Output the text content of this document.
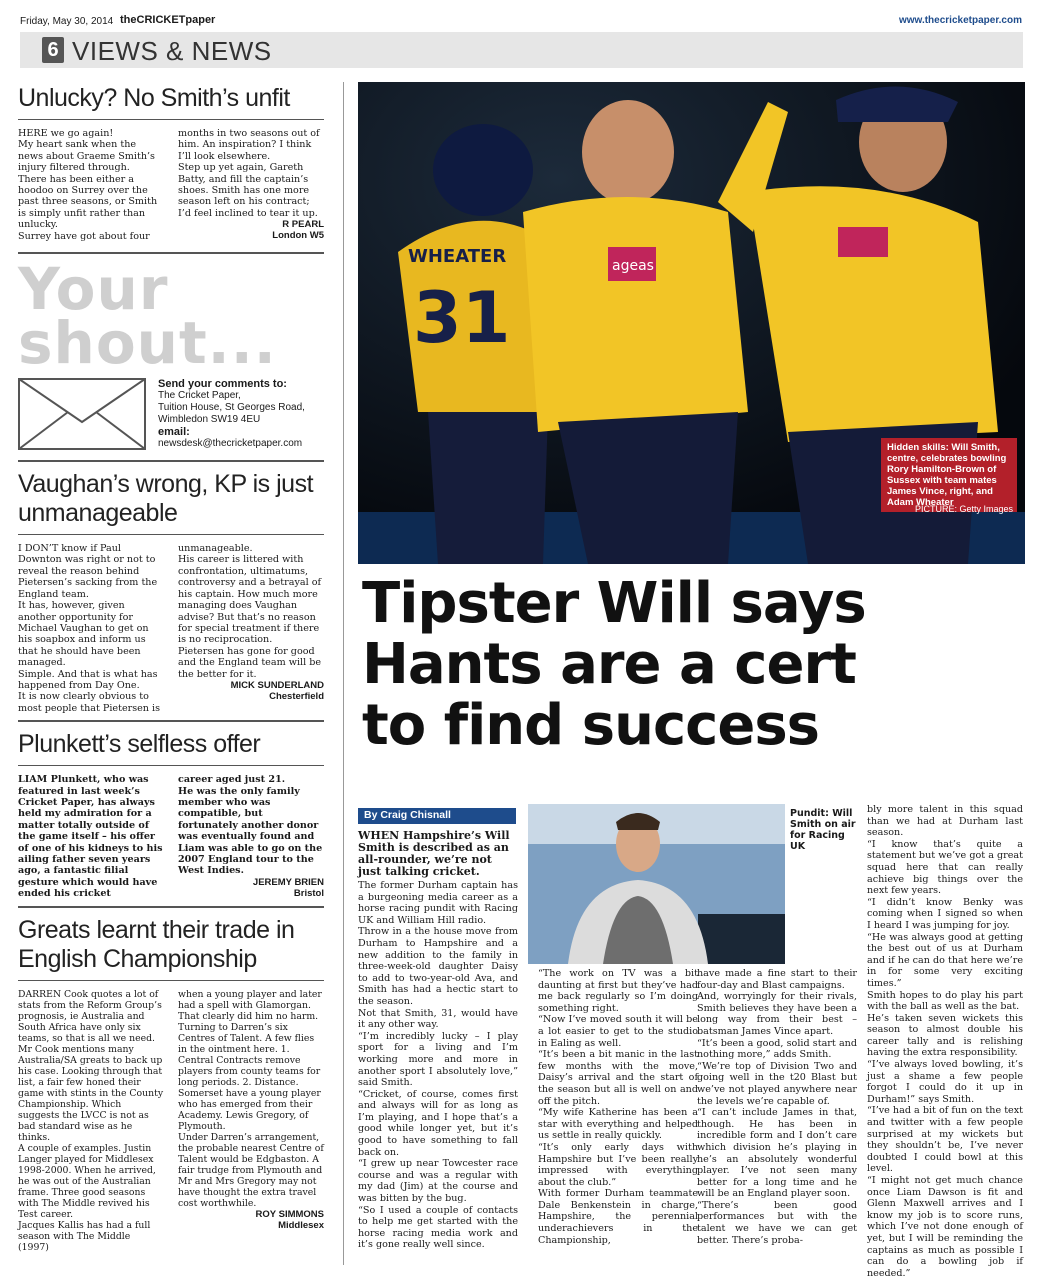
Friday, May 30, 2014 theCRICKETpaper	www.thecricketpaper.com
6 VIEWS & NEWS
Unlucky? No Smith’s unfit
HERE we go again!
My heart sank when the news about Graeme Smith’s injury filtered through.
There has been either a hoodoo on Surrey over the past three seasons, or Smith is simply unfit rather than unlucky.
Surrey have got about four
months in two seasons out of him. An inspiration? I think I’ll look elsewhere.
Step up yet again, Gareth Batty, and fill the captain’s shoes. Smith has one more season left on his contract; I’d feel inclined to tear it up.
R PEARL
London W5
Your
shout...
Send your comments to:
The Cricket Paper,
Tuition House, St Georges Road,
Wimbledon SW19 4EU
email:
newsdesk@thecricketpaper.com
Vaughan’s wrong, KP is just unmanageable
I DON’T know if Paul Downton was right or not to reveal the reason behind Pietersen’s sacking from the England team.
It has, however, given another opportunity for Michael Vaughan to get on his soapbox and inform us that he should have been managed.
Simple. And that is what has happened from Day One.
It is now clearly obvious to most people that Pietersen is
unmanageable.
His career is littered with confrontation, ultimatums, controversy and a betrayal of his captain. How much more managing does Vaughan advise? But that’s no reason for special treatment if there is no reciprocation.
Pietersen has gone for good and the England team will be the better for it.
MICK SUNDERLAND
Chesterfield
Plunkett’s selfless offer
LIAM Plunkett, who was featured in last week’s Cricket Paper, has always held my admiration for a matter totally outside of the game itself – his offer of one of his kidneys to his ailing father seven years ago, a fantastic filial gesture which would have ended his cricket
career aged just 21.
He was the only family member who was compatible, but fortunately another donor was eventually found and Liam was able to go on the 2007 England tour to the West Indies.
JEREMY BRIEN
Bristol
Greats learnt their trade in English Championship
DARREN Cook quotes a lot of stats from the Reform Group’s prognosis, ie Australia and South Africa have only six teams, so that is all we need.
Mr Cook mentions many Australia/SA greats to back up his case. Looking through that list, a fair few honed their game with stints in the County Championship. Which suggests the LVCC is not as bad standard wise as he thinks.
A couple of examples. Justin Langer played for Middlesex 1998-2000. When he arrived, he was out of the Australian frame. Three good seasons with The Middle revived his Test career.
Jacques Kallis has had a full season with The Middle (1997)
when a young player and later had a spell with Glamorgan. That clearly did him no harm.
Turning to Darren’s six Centres of Talent. A few flies in the ointment here. 1. Central Contracts remove players from county teams for long periods. 2. Distance. Somerset have a young player who has emerged from their Academy. Lewis Gregory, of Plymouth.
Under Darren’s arrangement, the probable nearest Centre of Talent would be Edgbaston. A fair trudge from Plymouth and Mr and Mrs Gregory may not have thought the extra travel cost worthwhile.
ROY SIMMONS
Middlesex
WHEATER
31
ageas
Hidden skills: Will Smith, centre, celebrates bowling Rory Hamilton-Brown of Sussex with team mates James Vince, right, and Adam Wheater
PICTURE: Getty Images
Tipster Will says
Hants are a cert
to find success
By Craig Chisnall
WHEN Hampshire’s Will Smith is described as an all-rounder, we’re not just talking cricket.
The former Durham captain has a burgeoning media career as a horse racing pundit with Racing UK and William Hill radio.
Throw in a the house move from Durham to Hampshire and a new addition to the family in three-week-old daughter Daisy to add to two-year-old Ava, and Smith has had a hectic start to the season.
Not that Smith, 31, would have it any other way.
“I’m incredibly lucky – I play sport for a living and I’m working more and more in another sport I absolutely love,” said Smith.
“Cricket, of course, comes first and always will for as long as I’m playing, and I hope that’s a good while longer yet, but it’s good to have something to fall back on.
“I grew up near Towcester race course and was a regular with my dad (Jim) at the course and was bitten by the bug.
“So I used a couple of contacts to help me get started with the horse racing media work and it’s gone really well since.
Pundit: Will Smith on air for Racing UK
“The work on TV was a bit daunting at first but they’ve had me back regularly so I’m doing something right.
“Now I’ve moved south it will be a lot easier to get to the studio in Ealing as well.
“It’s been a bit manic in the last few months with the move, Daisy’s arrival and the start of the season but all is well on and off the pitch.
“My wife Katherine has been a star with everything and helped us settle in really quickly.
“It’s only early days with Hampshire but I’ve been really impressed with everything about the club.”
With former Durham teammate Dale Benkenstein in charge, Hampshire, the perennial underachievers in the Championship,
have made a fine start to their four-day and Blast campaigns.
And, worryingly for their rivals, Smith believes they have been a long way from their best – batsman James Vince apart.
“It’s been a good, solid start and nothing more,” adds Smith.
“We’re top of Division Two and going well in the t20 Blast but we’ve not played anywhere near the levels we’re capable of.
“I can’t include James in that, though. He has been in incredible form and I don’t care which division he’s playing in he’s an absolutely wonderful player. I’ve not seen many better for a long time and he will be an England player soon.
“There’s been good performances but with the talent we have we can get better. There’s proba-
bly more talent in this squad than we had at Durham last season.
“I know that’s quite a statement but we’ve got a great squad here that can really achieve big things over the next few years.
“I didn’t know Benky was coming when I signed so when I heard I was jumping for joy.
“He was always good at getting the best out of us at Durham and if he can do that here we’re in for some very exciting times.”
Smith hopes to do play his part with the ball as well as the bat.
He’s taken seven wickets this season to almost double his career tally and is relishing having the extra responsibility.
“I’ve always loved bowling, it’s just a shame a few people forgot I could do it up in Durham!” says Smith.
“I’ve had a bit of fun on the text and twitter with a few people surprised at my wickets but they shouldn’t be, I’ve never doubted I could bowl at this level.
“I might not get much chance once Liam Dawson is fit and Glenn Maxwell arrives and I know my job is to score runs, which I’ve not done enough of yet, but I will be reminding the captains as much as possible I can do a bowling job if needed.”
